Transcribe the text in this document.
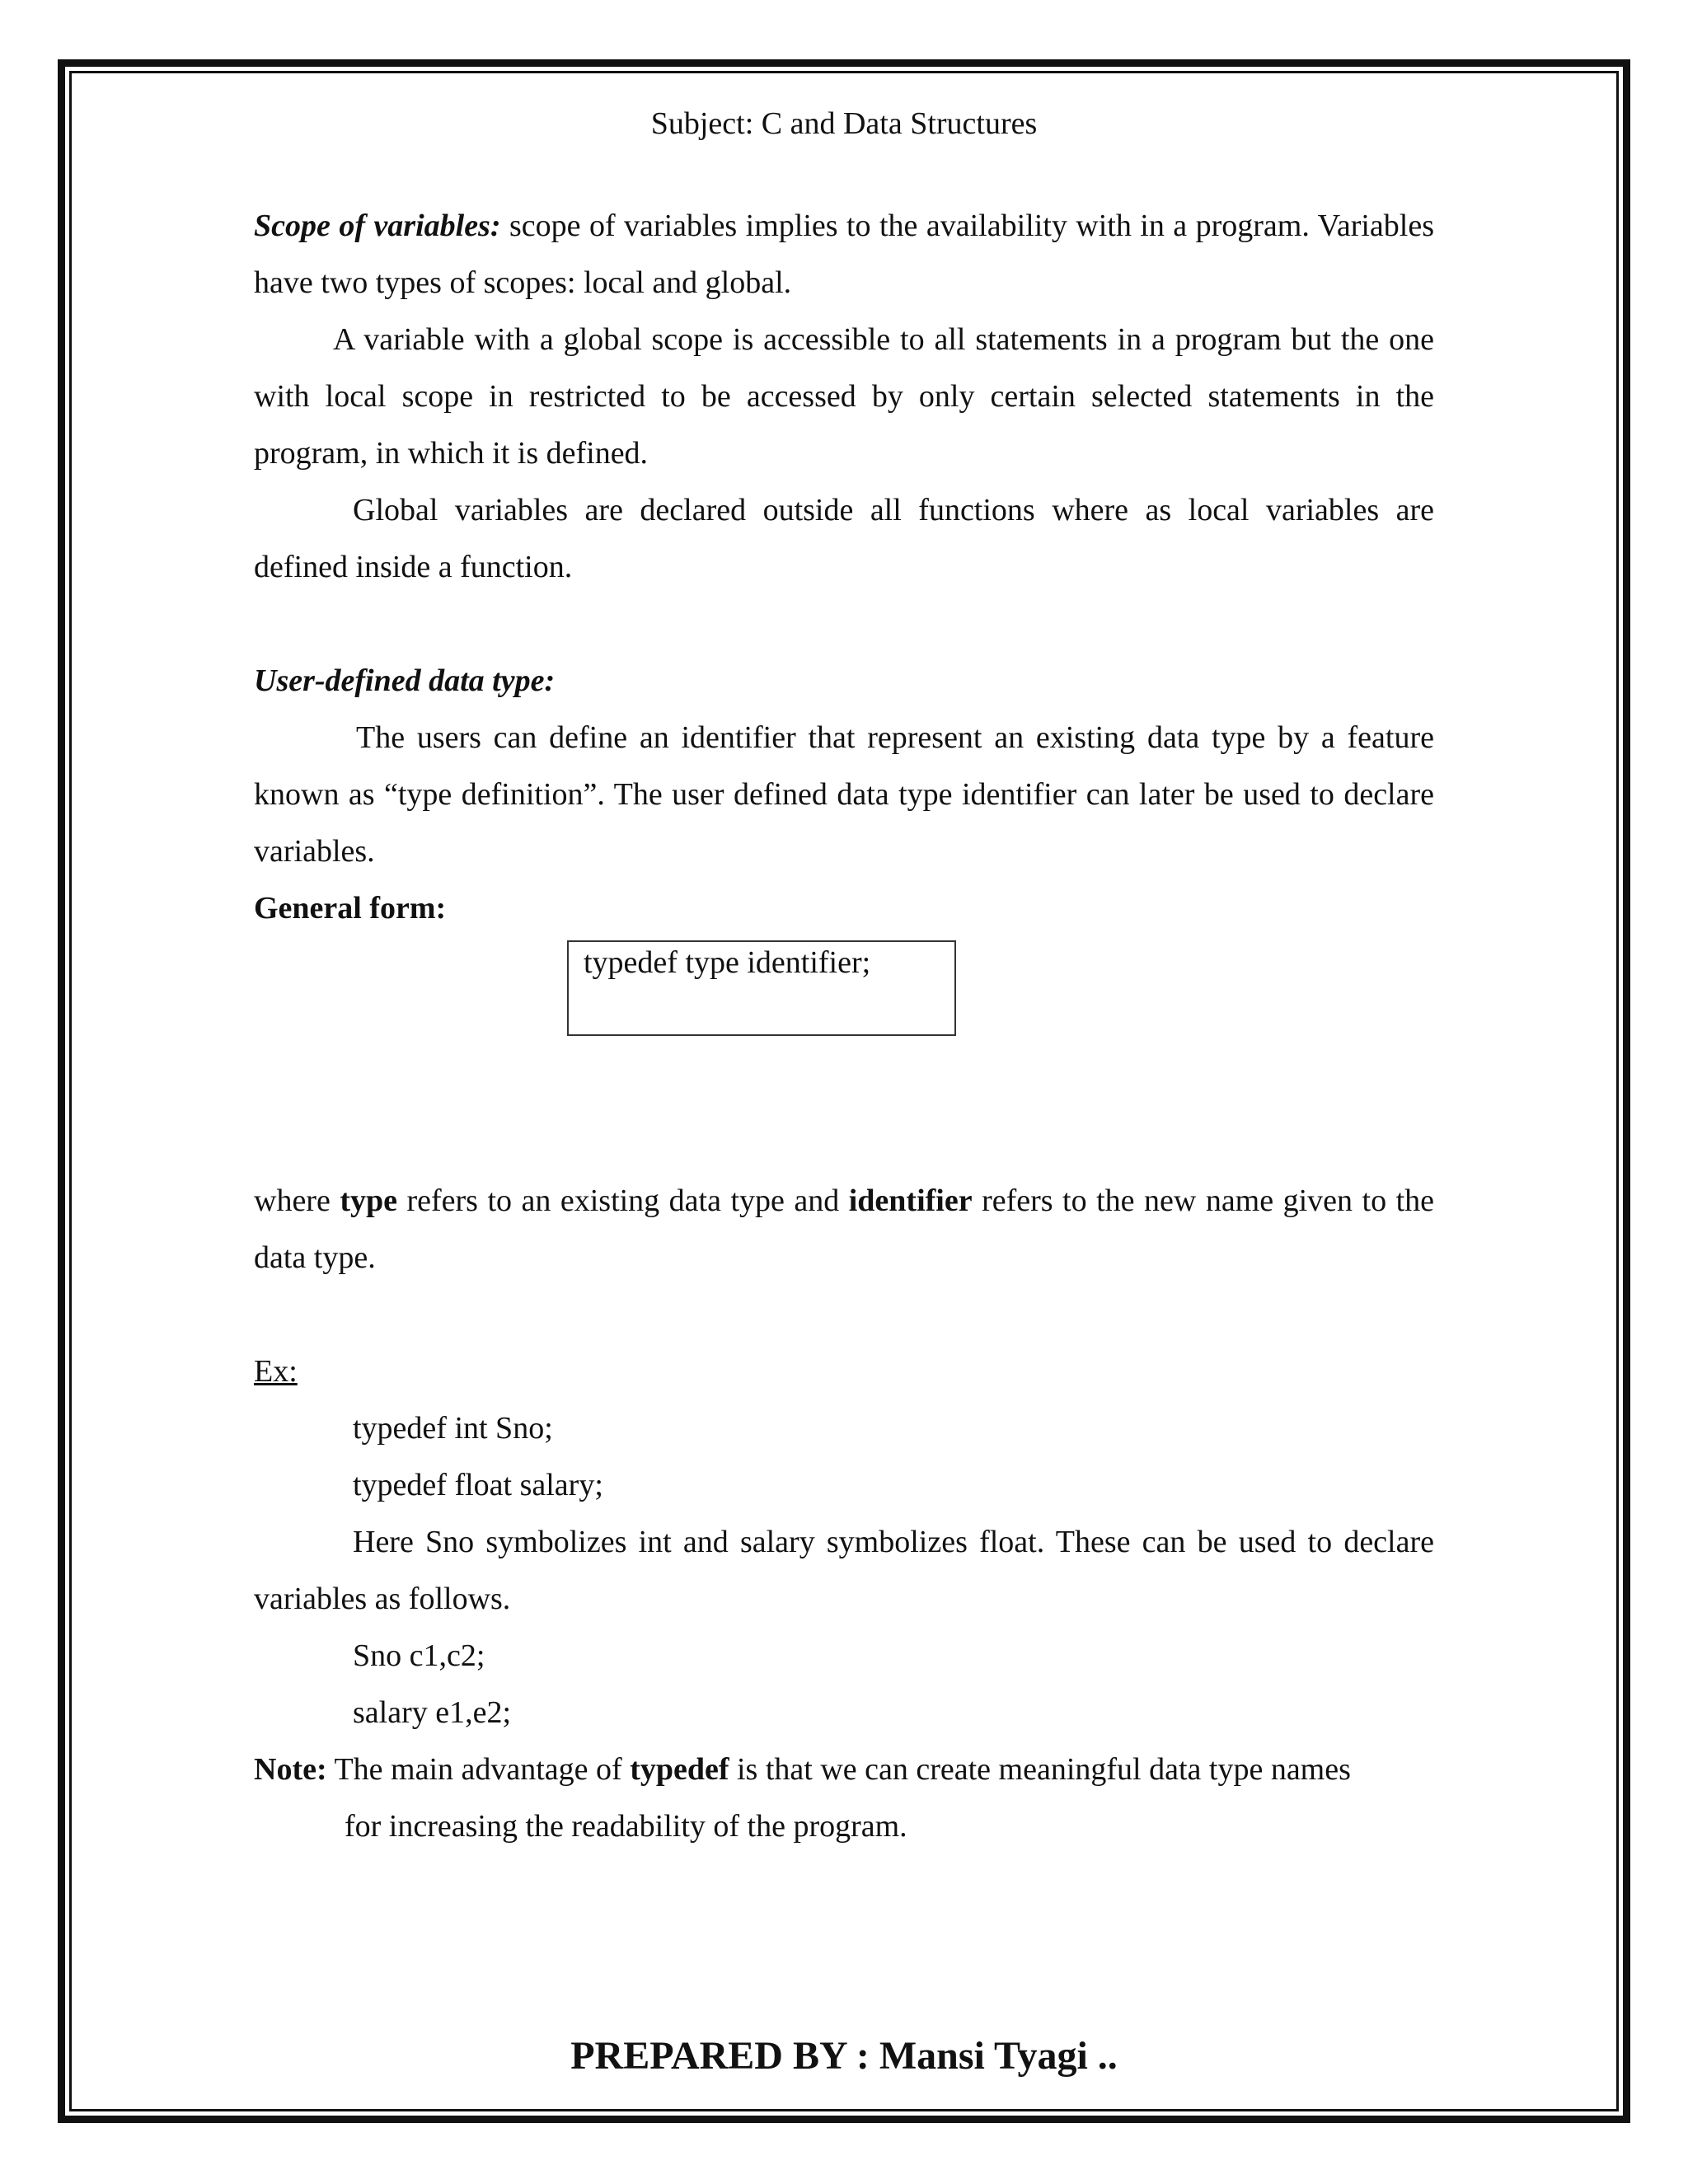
Subject: C and Data Structures

Scope of variables: scope of variables implies to the availability with in a program. Variables have two types of scopes: local and global.

A variable with a global scope is accessible to all statements in a program but the one with local scope in restricted to be accessed by only certain selected statements in the program, in which it is defined.

Global variables are declared outside all functions where as local variables are defined inside a function.

User-defined data type:

The users can define an identifier that represent an existing data type by a feature known as “type definition”. The user defined data type identifier can later be used to declare variables.

General form:

typedef type identifier;

where type refers to an existing data type and identifier refers to the new name given to the data type.

Ex:

typedef int Sno;

typedef float salary;

Here Sno symbolizes int and salary symbolizes float. These can be used to declare variables as follows.

Sno c1,c2;

salary e1,e2;

Note: The main advantage of typedef is that we can create meaningful data type names

for increasing the readability of the program.

PREPARED BY : Mansi Tyagi ..
